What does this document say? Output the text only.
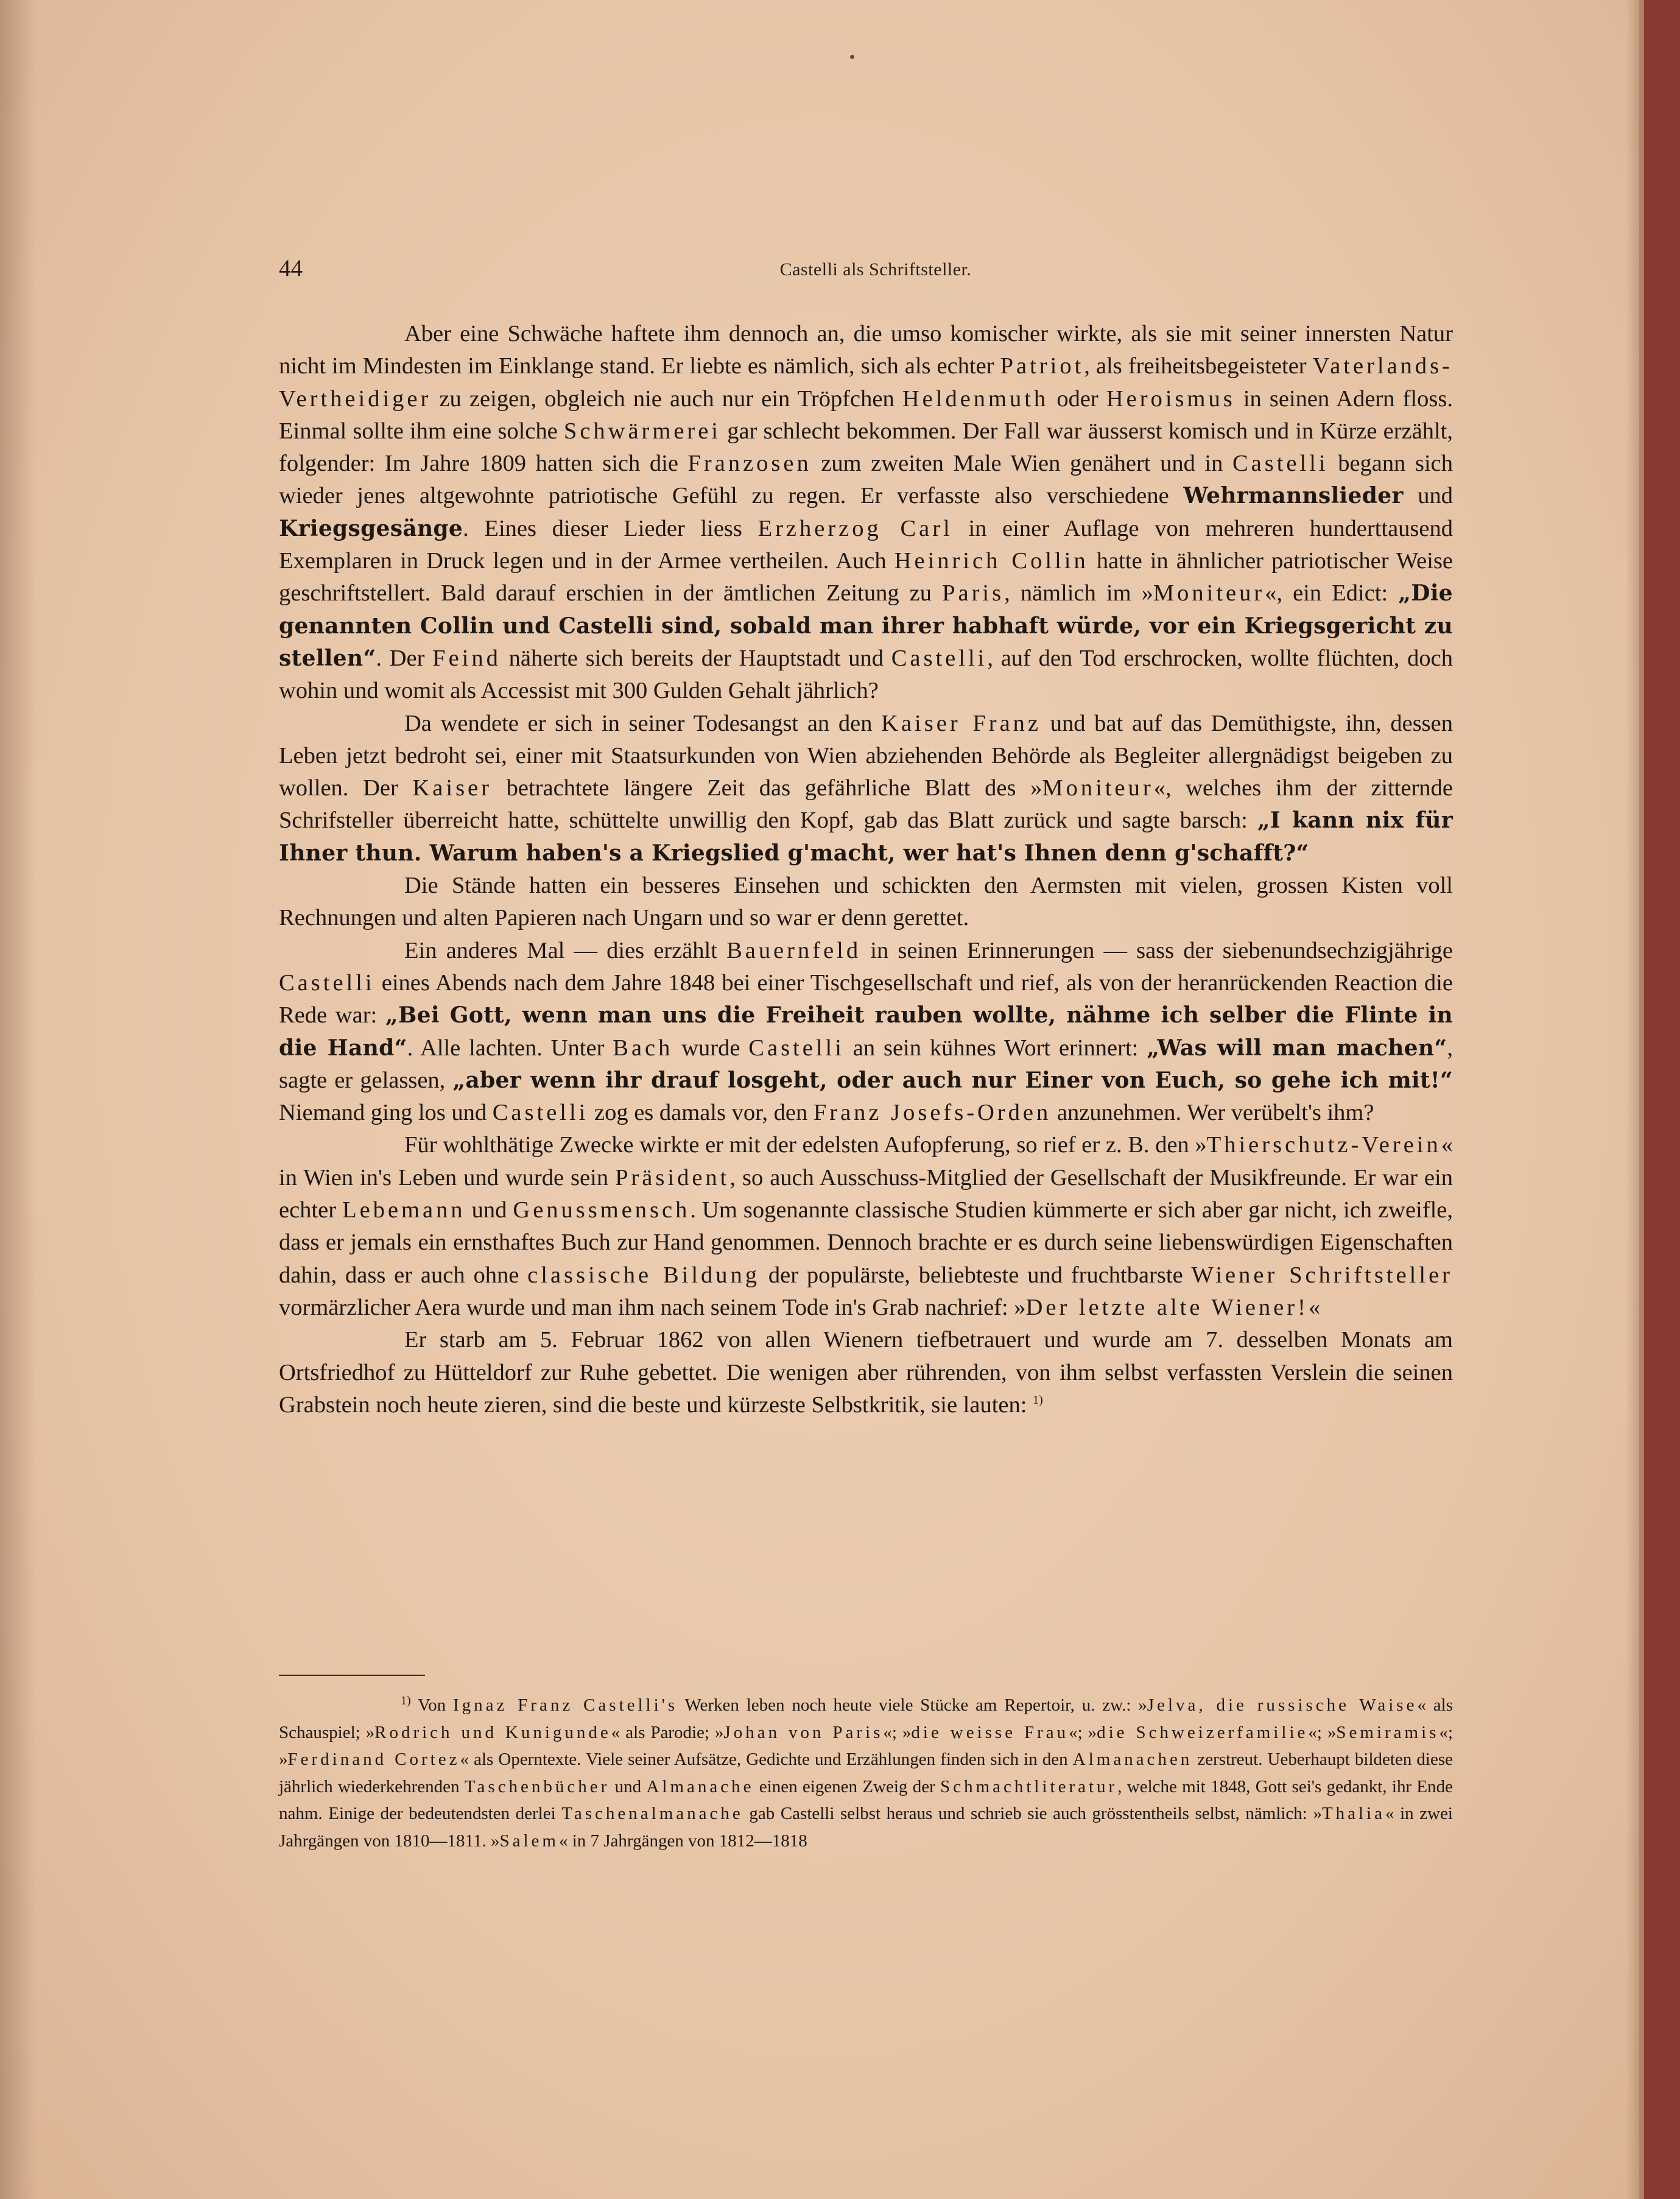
44	Castelli als Schriftsteller.

Aber eine Schwäche haftete ihm dennoch an, die umso komischer wirkte, als sie mit seiner innersten Natur nicht im Mindesten im Einklange stand. Er liebte es nämlich, sich als echter Patriot, als freiheitsbegeisteter Vaterlands-Vertheidiger zu zeigen, obgleich nie auch nur ein Tröpfchen Heldenmuth oder Heroismus in seinen Adern floss. Einmal sollte ihm eine solche Schwärmerei gar schlecht bekommen. Der Fall war äusserst komisch und in Kürze erzählt, folgender: Im Jahre 1809 hatten sich die Franzosen zum zweiten Male Wien genähert und in Castelli begann sich wieder jenes altgewohnte patriotische Gefühl zu regen. Er verfasste also verschiedene Wehrmannslieder und Kriegsgesänge. Eines dieser Lieder liess Erzherzog Carl in einer Auflage von mehreren hunderttausend Exemplaren in Druck legen und in der Armee vertheilen. Auch Heinrich Collin hatte in ähnlicher patriotischer Weise geschriftstellert. Bald darauf erschien in der ämtlichen Zeitung zu Paris, nämlich im »Moniteur«, ein Edict: „Die genannten Collin und Castelli sind, sobald man ihrer habhaft würde, vor ein Kriegsgericht zu stellen“. Der Feind näherte sich bereits der Hauptstadt und Castelli, auf den Tod erschrocken, wollte flüchten, doch wohin und womit als Accessist mit 300 Gulden Gehalt jährlich?

Da wendete er sich in seiner Todesangst an den Kaiser Franz und bat auf das Demüthigste, ihn, dessen Leben jetzt bedroht sei, einer mit Staatsurkunden von Wien abziehenden Behörde als Begleiter allergnädigst beigeben zu wollen. Der Kaiser betrachtete längere Zeit das gefährliche Blatt des »Moniteur«, welches ihm der zitternde Schrifsteller überreicht hatte, schüttelte unwillig den Kopf, gab das Blatt zurück und sagte barsch: „I kann nix für Ihner thun. Warum haben's a Kriegslied g'macht, wer hat's Ihnen denn g'schafft?“

Die Stände hatten ein besseres Einsehen und schickten den Aermsten mit vielen, grossen Kisten voll Rechnungen und alten Papieren nach Ungarn und so war er denn gerettet.

Ein anderes Mal — dies erzählt Bauernfeld in seinen Erinnerungen — sass der siebenundsechzigjährige Castelli eines Abends nach dem Jahre 1848 bei einer Tischgesellschaft und rief, als von der heranrückenden Reaction die Rede war: „Bei Gott, wenn man uns die Freiheit rauben wollte, nähme ich selber die Flinte in die Hand“. Alle lachten. Unter Bach wurde Castelli an sein kühnes Wort erinnert: „Was will man machen“, sagte er gelassen, „aber wenn ihr drauf losgeht, oder auch nur Einer von Euch, so gehe ich mit!“ Niemand ging los und Castelli zog es damals vor, den Franz Josefs-Orden anzunehmen. Wer verübelt's ihm?

Für wohlthätige Zwecke wirkte er mit der edelsten Aufopferung, so rief er z. B. den »Thierschutz-Verein« in Wien in's Leben und wurde sein Präsident, so auch Ausschuss-Mitglied der Gesellschaft der Musikfreunde. Er war ein echter Lebemann und Genussmensch. Um sogenannte classische Studien kümmerte er sich aber gar nicht, ich zweifle, dass er jemals ein ernsthaftes Buch zur Hand genommen. Dennoch brachte er es durch seine liebenswürdigen Eigenschaften dahin, dass er auch ohne classische Bildung der populärste, beliebteste und fruchtbarste Wiener Schriftsteller vormärzlicher Aera wurde und man ihm nach seinem Tode in's Grab nachrief: »Der letzte alte Wiener!«

Er starb am 5. Februar 1862 von allen Wienern tiefbetrauert und wurde am 7. desselben Monats am Ortsfriedhof zu Hütteldorf zur Ruhe gebettet. Die wenigen aber rührenden, von ihm selbst verfassten Verslein die seinen Grabstein noch heute zieren, sind die beste und kürzeste Selbstkritik, sie lauten: $^{1)}$

$^{1)}$ Von Ignaz Franz Castelli's Werken leben noch heute viele Stücke am Repertoir, u. zw.: »Jelva, die russische Waise« als Schauspiel; »Rodrich und Kunigunde« als Parodie; »Johan von Paris«; »die weisse Frau«; »die Schweizerfamilie«; »Semiramis«; »Ferdinand Cortez« als Operntexte. Viele seiner Aufsätze, Gedichte und Erzählungen finden sich in den Almanachen zerstreut. Ueberhaupt bildeten diese jährlich wiederkehrenden Taschenbücher und Almanache einen eigenen Zweig der Schmachtliteratur, welche mit 1848, Gott sei's gedankt, ihr Ende nahm. Einige der bedeutendsten derlei Taschenalmanache gab Castelli selbst heraus und schrieb sie auch grösstentheils selbst, nämlich: »Thalia« in zwei Jahrgängen von 1810—1811. »Salem« in 7 Jahrgängen von 1812—1818
